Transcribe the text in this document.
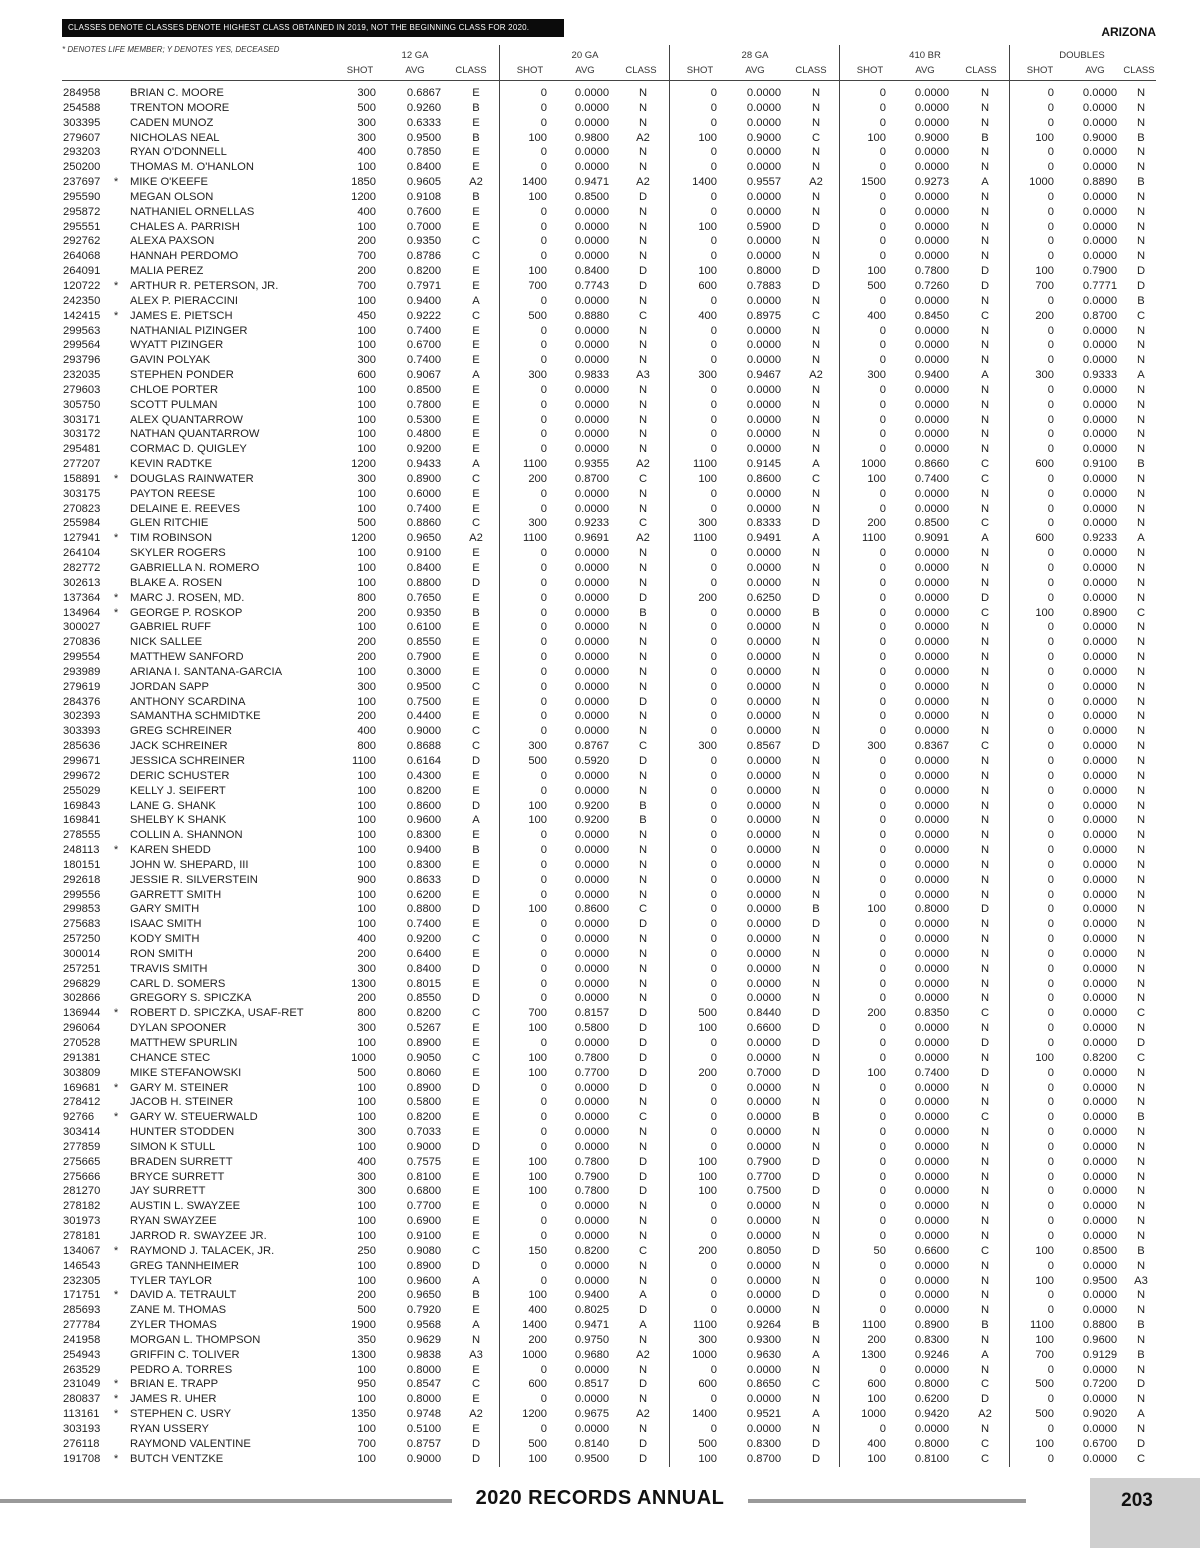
CLASSES DENOTE CLASSES DENOTE HIGHEST CLASS OBTAINED IN 2019, NOT THE BEGINNING CLASS FOR 2020.	ARIZONA
* DENOTES LIFE MEMBER; Y DENOTES YES, DECEASED
12 GA
SHOT	AVG	CLASS
20 GA
SHOT	AVG	CLASS
28 GA
SHOT	AVG	CLASS
410 BR
SHOT	AVG	CLASS
DOUBLES
SHOT	AVG	CLASS
284958	BRIAN C. MOORE	300	0.6867	E	0	0.0000	N	0	0.0000	N	0	0.0000	N	0	0.0000	N
254588	TRENTON MOORE	500	0.9260	B	0	0.0000	N	0	0.0000	N	0	0.0000	N	0	0.0000	N
303395	CADEN MUNOZ	300	0.6333	E	0	0.0000	N	0	0.0000	N	0	0.0000	N	0	0.0000	N
279607	NICHOLAS NEAL	300	0.9500	B	100	0.9800	A2	100	0.9000	C	100	0.9000	B	100	0.9000	B
293203	RYAN O'DONNELL	400	0.7850	E	0	0.0000	N	0	0.0000	N	0	0.0000	N	0	0.0000	N
250200	THOMAS M. O'HANLON	100	0.8400	E	0	0.0000	N	0	0.0000	N	0	0.0000	N	0	0.0000	N
237697	*	MIKE O'KEEFE	1850	0.9605	A2	1400	0.9471	A2	1400	0.9557	A2	1500	0.9273	A	1000	0.8890	B
295590	MEGAN OLSON	1200	0.9108	B	100	0.8500	D	0	0.0000	N	0	0.0000	N	0	0.0000	N
295872	NATHANIEL ORNELLAS	400	0.7600	E	0	0.0000	N	0	0.0000	N	0	0.0000	N	0	0.0000	N
295551	CHALES A. PARRISH	100	0.7000	E	0	0.0000	N	100	0.5900	D	0	0.0000	N	0	0.0000	N
292762	ALEXA PAXSON	200	0.9350	C	0	0.0000	N	0	0.0000	N	0	0.0000	N	0	0.0000	N
264068	HANNAH PERDOMO	700	0.8786	C	0	0.0000	N	0	0.0000	N	0	0.0000	N	0	0.0000	N
264091	MALIA PEREZ	200	0.8200	E	100	0.8400	D	100	0.8000	D	100	0.7800	D	100	0.7900	D
120722	*	ARTHUR R. PETERSON, JR.	700	0.7971	E	700	0.7743	D	600	0.7883	D	500	0.7260	D	700	0.7771	D
242350	ALEX P. PIERACCINI	100	0.9400	A	0	0.0000	N	0	0.0000	N	0	0.0000	N	0	0.0000	B
142415	*	JAMES E. PIETSCH	450	0.9222	C	500	0.8880	C	400	0.8975	C	400	0.8450	C	200	0.8700	C
299563	NATHANIAL PIZINGER	100	0.7400	E	0	0.0000	N	0	0.0000	N	0	0.0000	N	0	0.0000	N
299564	WYATT PIZINGER	100	0.6700	E	0	0.0000	N	0	0.0000	N	0	0.0000	N	0	0.0000	N
293796	GAVIN POLYAK	300	0.7400	E	0	0.0000	N	0	0.0000	N	0	0.0000	N	0	0.0000	N
232035	STEPHEN PONDER	600	0.9067	A	300	0.9833	A3	300	0.9467	A2	300	0.9400	A	300	0.9333	A
279603	CHLOE PORTER	100	0.8500	E	0	0.0000	N	0	0.0000	N	0	0.0000	N	0	0.0000	N
305750	SCOTT PULMAN	100	0.7800	E	0	0.0000	N	0	0.0000	N	0	0.0000	N	0	0.0000	N
303171	ALEX QUANTARROW	100	0.5300	E	0	0.0000	N	0	0.0000	N	0	0.0000	N	0	0.0000	N
303172	NATHAN QUANTARROW	100	0.4800	E	0	0.0000	N	0	0.0000	N	0	0.0000	N	0	0.0000	N
295481	CORMAC D. QUIGLEY	100	0.9200	E	0	0.0000	N	0	0.0000	N	0	0.0000	N	0	0.0000	N
277207	KEVIN RADTKE	1200	0.9433	A	1100	0.9355	A2	1100	0.9145	A	1000	0.8660	C	600	0.9100	B
158891	*	DOUGLAS RAINWATER	300	0.8900	C	200	0.8700	C	100	0.8600	C	100	0.7400	C	0	0.0000	N
303175	PAYTON REESE	100	0.6000	E	0	0.0000	N	0	0.0000	N	0	0.0000	N	0	0.0000	N
270823	DELAINE E. REEVES	100	0.7400	E	0	0.0000	N	0	0.0000	N	0	0.0000	N	0	0.0000	N
255984	GLEN RITCHIE	500	0.8860	C	300	0.9233	C	300	0.8333	D	200	0.8500	C	0	0.0000	N
127941	*	TIM ROBINSON	1200	0.9650	A2	1100	0.9691	A2	1100	0.9491	A	1100	0.9091	A	600	0.9233	A
264104	SKYLER ROGERS	100	0.9100	E	0	0.0000	N	0	0.0000	N	0	0.0000	N	0	0.0000	N
282772	GABRIELLA N. ROMERO	100	0.8400	E	0	0.0000	N	0	0.0000	N	0	0.0000	N	0	0.0000	N
302613	BLAKE A. ROSEN	100	0.8800	D	0	0.0000	N	0	0.0000	N	0	0.0000	N	0	0.0000	N
137364	*	MARC J. ROSEN, MD.	800	0.7650	E	0	0.0000	D	200	0.6250	D	0	0.0000	D	0	0.0000	N
134964	*	GEORGE P. ROSKOP	200	0.9350	B	0	0.0000	B	0	0.0000	B	0	0.0000	C	100	0.8900	C
300027	GABRIEL RUFF	100	0.6100	E	0	0.0000	N	0	0.0000	N	0	0.0000	N	0	0.0000	N
270836	NICK SALLEE	200	0.8550	E	0	0.0000	N	0	0.0000	N	0	0.0000	N	0	0.0000	N
299554	MATTHEW SANFORD	200	0.7900	E	0	0.0000	N	0	0.0000	N	0	0.0000	N	0	0.0000	N
293989	ARIANA I. SANTANA-GARCIA	100	0.3000	E	0	0.0000	N	0	0.0000	N	0	0.0000	N	0	0.0000	N
279619	JORDAN SAPP	300	0.9500	C	0	0.0000	N	0	0.0000	N	0	0.0000	N	0	0.0000	N
284376	ANTHONY SCARDINA	100	0.7500	E	0	0.0000	D	0	0.0000	N	0	0.0000	N	0	0.0000	N
302393	SAMANTHA SCHMIDTKE	200	0.4400	E	0	0.0000	N	0	0.0000	N	0	0.0000	N	0	0.0000	N
303393	GREG SCHREINER	400	0.9000	C	0	0.0000	N	0	0.0000	N	0	0.0000	N	0	0.0000	N
285636	JACK SCHREINER	800	0.8688	C	300	0.8767	C	300	0.8567	D	300	0.8367	C	0	0.0000	N
299671	JESSICA SCHREINER	1100	0.6164	D	500	0.5920	D	0	0.0000	N	0	0.0000	N	0	0.0000	N
299672	DERIC SCHUSTER	100	0.4300	E	0	0.0000	N	0	0.0000	N	0	0.0000	N	0	0.0000	N
255029	KELLY J. SEIFERT	100	0.8200	E	0	0.0000	N	0	0.0000	N	0	0.0000	N	0	0.0000	N
169843	LANE G. SHANK	100	0.8600	D	100	0.9200	B	0	0.0000	N	0	0.0000	N	0	0.0000	N
169841	SHELBY K SHANK	100	0.9600	A	100	0.9200	B	0	0.0000	N	0	0.0000	N	0	0.0000	N
278555	COLLIN A. SHANNON	100	0.8300	E	0	0.0000	N	0	0.0000	N	0	0.0000	N	0	0.0000	N
248113	*	KAREN SHEDD	100	0.9400	B	0	0.0000	N	0	0.0000	N	0	0.0000	N	0	0.0000	N
180151	JOHN W. SHEPARD, III	100	0.8300	E	0	0.0000	N	0	0.0000	N	0	0.0000	N	0	0.0000	N
292618	JESSIE R. SILVERSTEIN	900	0.8633	D	0	0.0000	N	0	0.0000	N	0	0.0000	N	0	0.0000	N
299556	GARRETT SMITH	100	0.6200	E	0	0.0000	N	0	0.0000	N	0	0.0000	N	0	0.0000	N
299853	GARY SMITH	100	0.8800	D	100	0.8600	C	0	0.0000	B	100	0.8000	D	0	0.0000	N
275683	ISAAC SMITH	100	0.7400	E	0	0.0000	D	0	0.0000	D	0	0.0000	N	0	0.0000	N
257250	KODY SMITH	400	0.9200	C	0	0.0000	N	0	0.0000	N	0	0.0000	N	0	0.0000	N
300014	RON SMITH	200	0.6400	E	0	0.0000	N	0	0.0000	N	0	0.0000	N	0	0.0000	N
257251	TRAVIS SMITH	300	0.8400	D	0	0.0000	N	0	0.0000	N	0	0.0000	N	0	0.0000	N
296829	CARL D. SOMERS	1300	0.8015	E	0	0.0000	N	0	0.0000	N	0	0.0000	N	0	0.0000	N
302866	GREGORY S. SPICZKA	200	0.8550	D	0	0.0000	N	0	0.0000	N	0	0.0000	N	0	0.0000	N
136944	*	ROBERT D. SPICZKA, USAF-RET	800	0.8200	C	700	0.8157	D	500	0.8440	D	200	0.8350	C	0	0.0000	C
296064	DYLAN SPOONER	300	0.5267	E	100	0.5800	D	100	0.6600	D	0	0.0000	N	0	0.0000	N
270528	MATTHEW SPURLIN	100	0.8900	E	0	0.0000	D	0	0.0000	D	0	0.0000	D	0	0.0000	D
291381	CHANCE STEC	1000	0.9050	C	100	0.7800	D	0	0.0000	N	0	0.0000	N	100	0.8200	C
303809	MIKE STEFANOWSKI	500	0.8060	E	100	0.7700	D	200	0.7000	D	100	0.7400	D	0	0.0000	N
169681	*	GARY M. STEINER	100	0.8900	D	0	0.0000	D	0	0.0000	N	0	0.0000	N	0	0.0000	N
278412	JACOB H. STEINER	100	0.5800	E	0	0.0000	N	0	0.0000	N	0	0.0000	N	0	0.0000	N
92766	*	GARY W. STEUERWALD	100	0.8200	E	0	0.0000	C	0	0.0000	B	0	0.0000	C	0	0.0000	B
303414	HUNTER STODDEN	300	0.7033	E	0	0.0000	N	0	0.0000	N	0	0.0000	N	0	0.0000	N
277859	SIMON K STULL	100	0.9000	D	0	0.0000	N	0	0.0000	N	0	0.0000	N	0	0.0000	N
275665	BRADEN SURRETT	400	0.7575	E	100	0.7800	D	100	0.7900	D	0	0.0000	N	0	0.0000	N
275666	BRYCE SURRETT	300	0.8100	E	100	0.7900	D	100	0.7700	D	0	0.0000	N	0	0.0000	N
281270	JAY SURRETT	300	0.6800	E	100	0.7800	D	100	0.7500	D	0	0.0000	N	0	0.0000	N
278182	AUSTIN L. SWAYZEE	100	0.7700	E	0	0.0000	N	0	0.0000	N	0	0.0000	N	0	0.0000	N
301973	RYAN SWAYZEE	100	0.6900	E	0	0.0000	N	0	0.0000	N	0	0.0000	N	0	0.0000	N
278181	JARROD R. SWAYZEE JR.	100	0.9100	E	0	0.0000	N	0	0.0000	N	0	0.0000	N	0	0.0000	N
134067	*	RAYMOND J. TALACEK, JR.	250	0.9080	C	150	0.8200	C	200	0.8050	D	50	0.6600	C	100	0.8500	B
146543	GREG TANNHEIMER	100	0.8900	D	0	0.0000	N	0	0.0000	N	0	0.0000	N	0	0.0000	N
232305	TYLER TAYLOR	100	0.9600	A	0	0.0000	N	0	0.0000	N	0	0.0000	N	100	0.9500	A3
171751	*	DAVID A. TETRAULT	200	0.9650	B	100	0.9400	A	0	0.0000	D	0	0.0000	N	0	0.0000	N
285693	ZANE M. THOMAS	500	0.7920	E	400	0.8025	D	0	0.0000	N	0	0.0000	N	0	0.0000	N
277784	ZYLER THOMAS	1900	0.9568	A	1400	0.9471	A	1100	0.9264	B	1100	0.8900	B	1100	0.8800	B
241958	MORGAN L. THOMPSON	350	0.9629	N	200	0.9750	N	300	0.9300	N	200	0.8300	N	100	0.9600	N
254943	GRIFFIN C. TOLIVER	1300	0.9838	A3	1000	0.9680	A2	1000	0.9630	A	1300	0.9246	A	700	0.9129	B
263529	PEDRO A. TORRES	100	0.8000	E	0	0.0000	N	0	0.0000	N	0	0.0000	N	0	0.0000	N
231049	*	BRIAN E. TRAPP	950	0.8547	C	600	0.8517	D	600	0.8650	C	600	0.8000	C	500	0.7200	D
280837	*	JAMES R. UHER	100	0.8000	E	0	0.0000	N	0	0.0000	N	100	0.6200	D	0	0.0000	N
113161	*	STEPHEN C. USRY	1350	0.9748	A2	1200	0.9675	A2	1400	0.9521	A	1000	0.9420	A2	500	0.9020	A
303193	RYAN USSERY	100	0.5100	E	0	0.0000	N	0	0.0000	N	0	0.0000	N	0	0.0000	N
276118	RAYMOND VALENTINE	700	0.8757	D	500	0.8140	D	500	0.8300	D	400	0.8000	C	100	0.6700	D
191708	*	BUTCH VENTZKE	100	0.9000	D	100	0.9500	D	100	0.8700	D	100	0.8100	C	0	0.0000	C
2020 RECORDS ANNUAL	203
